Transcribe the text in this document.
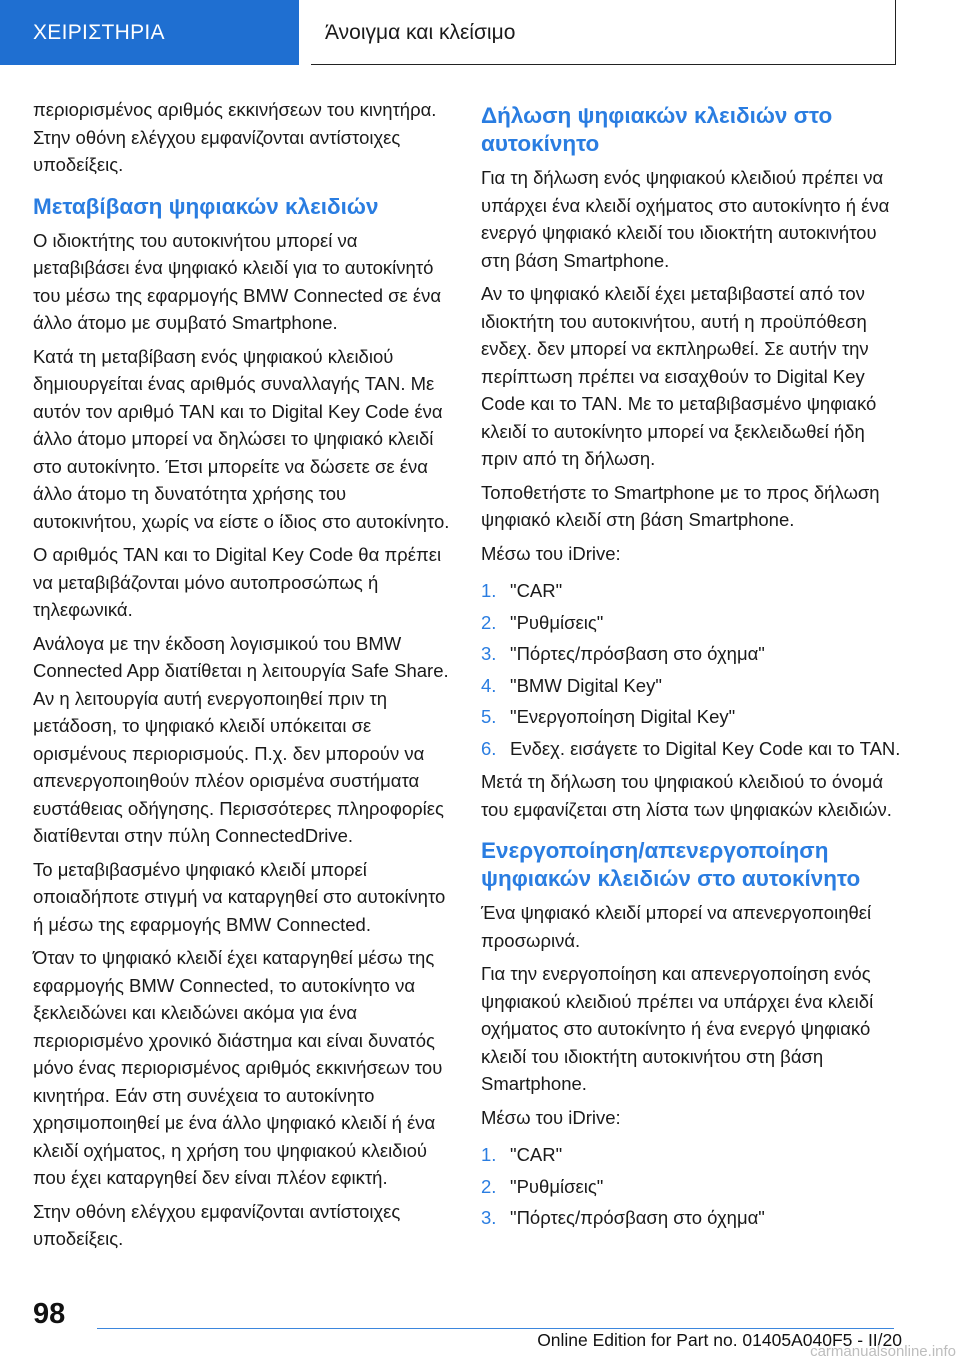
ΧΕΙΡΙΣΤΗΡΙΑ	Άνοιγμα και κλείσιμο

περιορισμένος αριθμός εκκινήσεων του κινητήρα. Στην οθόνη ελέγχου εμφανίζονται αντίστοιχες υποδείξεις.

Μεταβίβαση ψηφιακών κλειδιών

Ο ιδιοκτήτης του αυτοκινήτου μπορεί να μεταβιβάσει ένα ψηφιακό κλειδί για το αυτοκίνητό του μέσω της εφαρμογής BMW Connected σε ένα άλλο άτομο με συμβατό Smartphone.

Κατά τη μεταβίβαση ενός ψηφιακού κλειδιού δημιουργείται ένας αριθμός συναλλαγής TAN. Με αυτόν τον αριθμό TAN και το Digital Key Code ένα άλλο άτομο μπορεί να δηλώσει το ψηφιακό κλειδί στο αυτοκίνητο. Έτσι μπορείτε να δώσετε σε ένα άλλο άτομο τη δυνατότητα χρήσης του αυτοκινήτου, χωρίς να είστε ο ίδιος στο αυτοκίνητο.

Ο αριθμός TAN και το Digital Key Code θα πρέπει να μεταβιβάζονται μόνο αυτοπροσώπως ή τηλεφωνικά.

Ανάλογα με την έκδοση λογισμικού του BMW Connected App διατίθεται η λειτουργία Safe Share. Αν η λειτουργία αυτή ενεργοποιηθεί πριν τη μετάδοση, το ψηφιακό κλειδί υπόκειται σε ορισμένους περιορισμούς. Π.χ. δεν μπορούν να απενεργοποιηθούν πλέον ορισμένα συστήματα ευστάθειας οδήγησης. Περισσότερες πληροφορίες διατίθενται στην πύλη ConnectedDrive.

Το μεταβιβασμένο ψηφιακό κλειδί μπορεί οποιαδήποτε στιγμή να καταργηθεί στο αυτοκίνητο ή μέσω της εφαρμογής BMW Connected.

Όταν το ψηφιακό κλειδί έχει καταργηθεί μέσω της εφαρμογής BMW Connected, το αυτοκίνητο να ξεκλειδώνει και κλειδώνει ακόμα για ένα περιορισμένο χρονικό διάστημα και είναι δυνατός μόνο ένας περιορισμένος αριθμός εκκινήσεων του κινητήρα. Εάν στη συνέχεια το αυτοκίνητο χρησιμοποιηθεί με ένα άλλο ψηφιακό κλειδί ή ένα κλειδί οχήματος, η χρήση του ψηφιακού κλειδιού που έχει καταργηθεί δεν είναι πλέον εφικτή.

Στην οθόνη ελέγχου εμφανίζονται αντίστοιχες υποδείξεις.

Δήλωση ψηφιακών κλειδιών στο αυτοκίνητο

Για τη δήλωση ενός ψηφιακού κλειδιού πρέπει να υπάρχει ένα κλειδί οχήματος στο αυτοκίνητο ή ένα ενεργό ψηφιακό κλειδί του ιδιοκτήτη αυτοκινήτου στη βάση Smartphone.

Αν το ψηφιακό κλειδί έχει μεταβιβαστεί από τον ιδιοκτήτη του αυτοκινήτου, αυτή η προϋπόθεση ενδεχ. δεν μπορεί να εκπληρωθεί. Σε αυτήν την περίπτωση πρέπει να εισαχθούν το Digital Key Code και το TAN. Με το μεταβιβασμένο ψηφιακό κλειδί το αυτοκίνητο μπορεί να ξεκλειδωθεί ήδη πριν από τη δήλωση.

Τοποθετήστε το Smartphone με το προς δήλωση ψηφιακό κλειδί στη βάση Smartphone.

Μέσω του iDrive:

1. "CAR"
2. "Ρυθμίσεις"
3. "Πόρτες/πρόσβαση στο όχημα"
4. "BMW Digital Key"
5. "Ενεργοποίηση Digital Key"
6. Ενδεχ. εισάγετε το Digital Key Code και το TAN.

Μετά τη δήλωση του ψηφιακού κλειδιού το όνομά του εμφανίζεται στη λίστα των ψηφιακών κλειδιών.

Ενεργοποίηση/απενεργοποίηση ψηφιακών κλειδιών στο αυτοκίνητο

Ένα ψηφιακό κλειδί μπορεί να απενεργοποιηθεί προσωρινά.

Για την ενεργοποίηση και απενεργοποίηση ενός ψηφιακού κλειδιού πρέπει να υπάρχει ένα κλειδί οχήματος στο αυτοκίνητο ή ένα ενεργό ψηφιακό κλειδί του ιδιοκτήτη αυτοκινήτου στη βάση Smartphone.

Μέσω του iDrive:

1. "CAR"
2. "Ρυθμίσεις"
3. "Πόρτες/πρόσβαση στο όχημα"
98
Online Edition for Part no. 01405A040F5 - II/20
carmanualsonline.info
